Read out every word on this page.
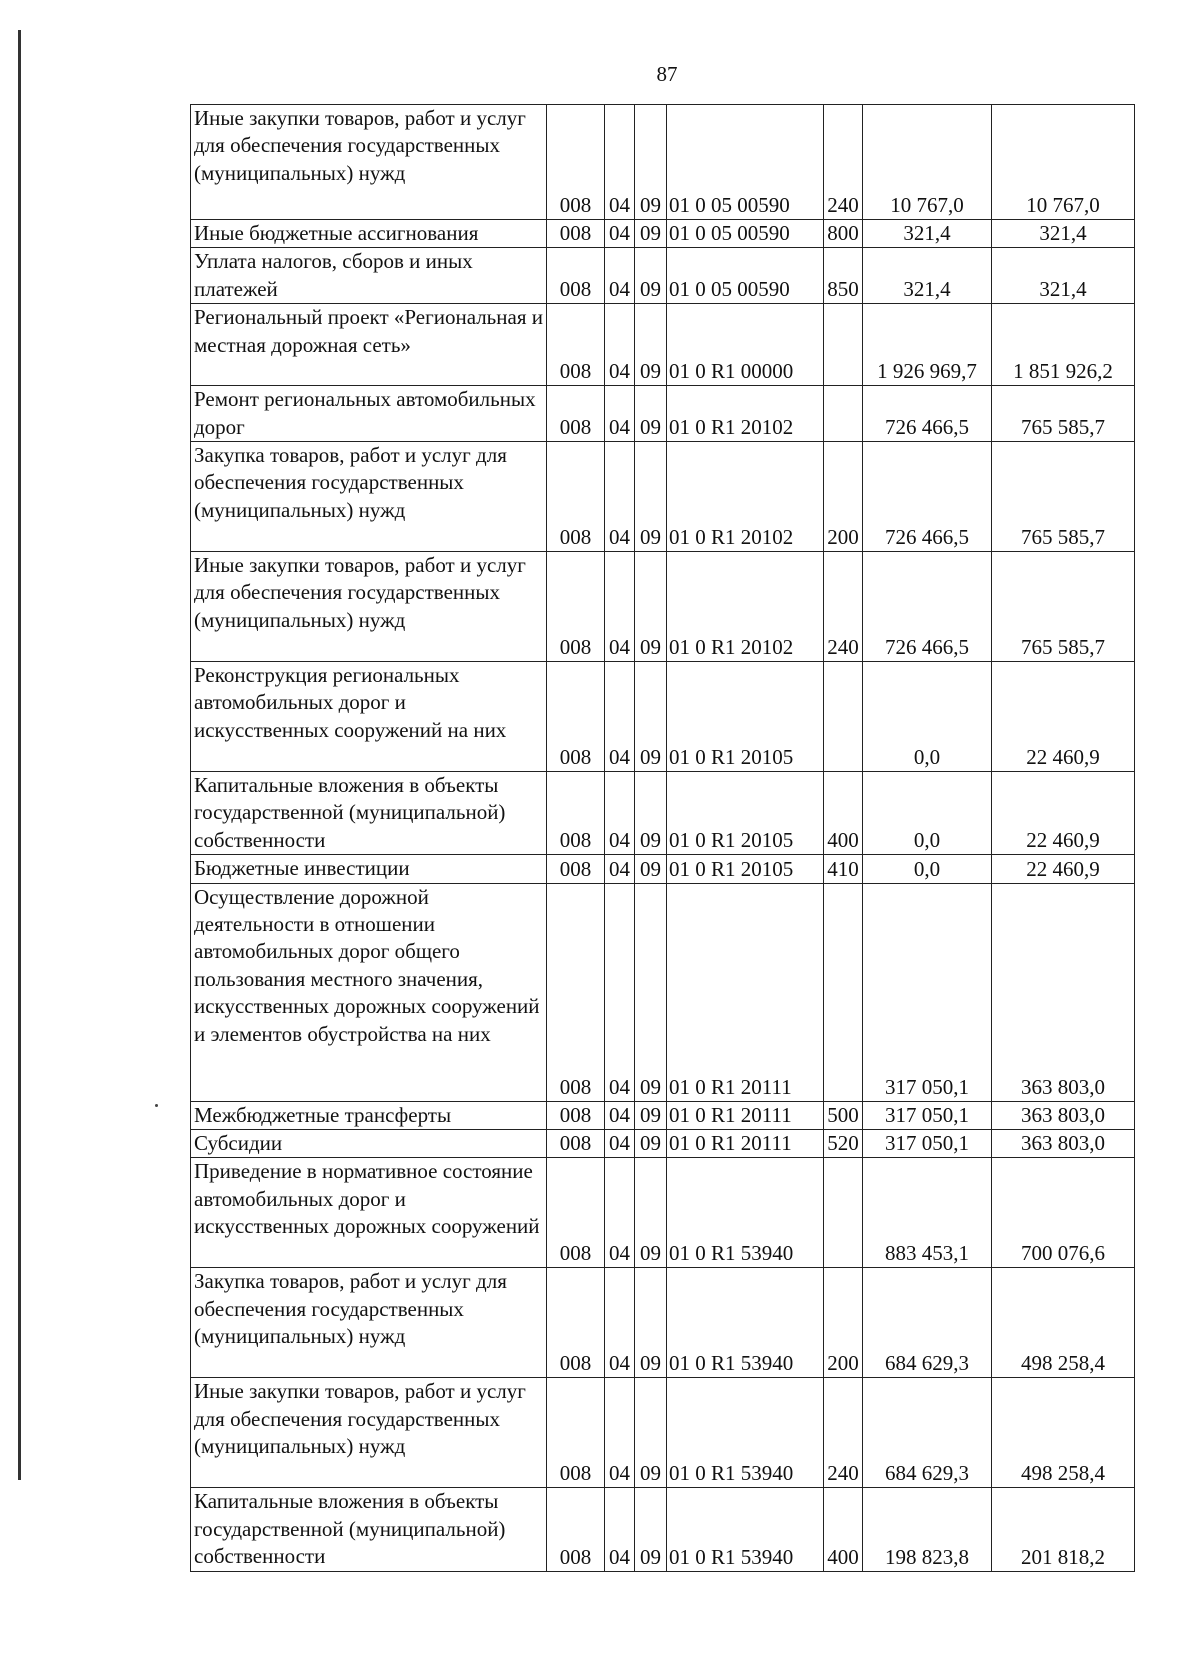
87
Иные закупки товаров, работ и услуг для обеспечения государственных (муниципальных) нужд	008	04	09	01 0 05 00590	240	10 767,0	10 767,0
Иные бюджетные ассигнования	008	04	09	01 0 05 00590	800	321,4	321,4
Уплата налогов, сборов и иных платежей	008	04	09	01 0 05 00590	850	321,4	321,4
Региональный проект «Региональная и местная дорожная сеть»	008	04	09	01 0 R1 00000		1 926 969,7	1 851 926,2
Ремонт региональных автомобильных дорог	008	04	09	01 0 R1 20102		726 466,5	765 585,7
Закупка товаров, работ и услуг для обеспечения государственных (муниципальных) нужд	008	04	09	01 0 R1 20102	200	726 466,5	765 585,7
Иные закупки товаров, работ и услуг для обеспечения государственных (муниципальных) нужд	008	04	09	01 0 R1 20102	240	726 466,5	765 585,7
Реконструкция региональных автомобильных дорог и искусственных сооружений на них	008	04	09	01 0 R1 20105		0,0	22 460,9
Капитальные вложения в объекты государственной (муниципальной) собственности	008	04	09	01 0 R1 20105	400	0,0	22 460,9
Бюджетные инвестиции	008	04	09	01 0 R1 20105	410	0,0	22 460,9
Осуществление дорожной деятельности в отношении автомобильных дорог общего пользования местного значения, искусственных дорожных сооружений и элементов обустройства на них	008	04	09	01 0 R1 20111		317 050,1	363 803,0
Межбюджетные трансферты	008	04	09	01 0 R1 20111	500	317 050,1	363 803,0
Субсидии	008	04	09	01 0 R1 20111	520	317 050,1	363 803,0
Приведение в нормативное состояние автомобильных дорог и искусственных дорожных сооружений	008	04	09	01 0 R1 53940		883 453,1	700 076,6
Закупка товаров, работ и услуг для обеспечения государственных (муниципальных) нужд	008	04	09	01 0 R1 53940	200	684 629,3	498 258,4
Иные закупки товаров, работ и услуг для обеспечения государственных (муниципальных) нужд	008	04	09	01 0 R1 53940	240	684 629,3	498 258,4
Капитальные вложения в объекты государственной (муниципальной) собственности	008	04	09	01 0 R1 53940	400	198 823,8	201 818,2
